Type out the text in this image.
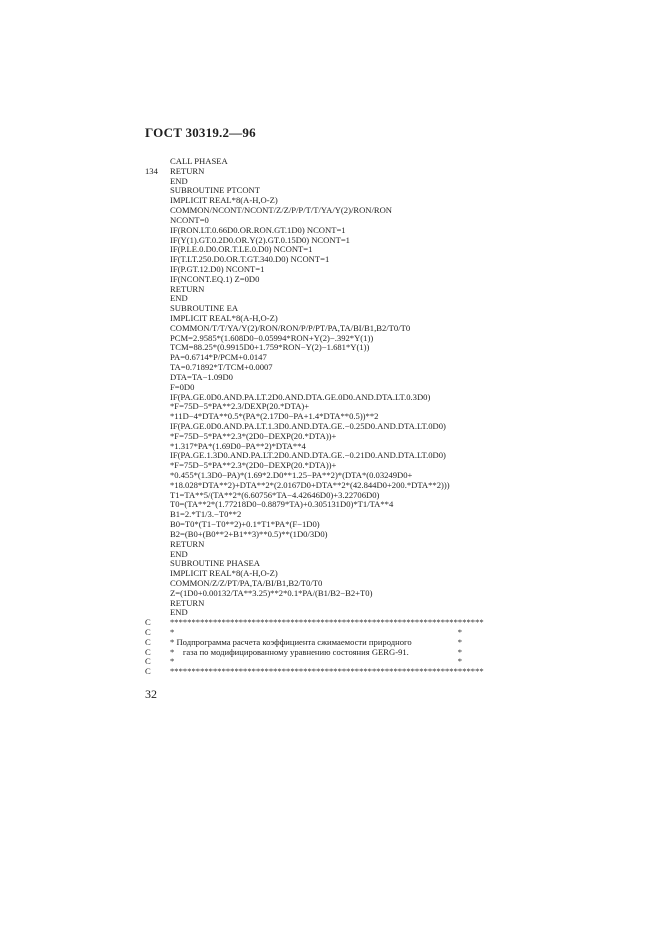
ГОСТ 30319.2—96
CALL PHASEA
134	RETURN
END
SUBROUTINE PTCONT
IMPLICIT REAL*8(A-H,O-Z)
COMMON/NCONT/NCONT/Z/Z/P/P/T/T/YA/Y(2)/RON/RON
NCONT=0
IF(RON.LT.0.66D0.OR.RON.GT.1D0) NCONT=1
IF(Y(1).GT.0.2D0.OR.Y(2).GT.0.15D0) NCONT=1
IF(P.LE.0.D0.OR.T.LE.0.D0) NCONT=1
IF(T.LT.250.D0.OR.T.GT.340.D0) NCONT=1
IF(P.GT.12.D0) NCONT=1
IF(NCONT.EQ.1) Z=0D0
RETURN
END
SUBROUTINE EA
IMPLICIT REAL*8(A-H,O-Z)
COMMON/T/T/YA/Y(2)/RON/RON/P/P/PT/PA,TA/BI/B1,B2/T0/T0
PCM=2.9585*(1.608D0−0.05994*RON+Y(2)−.392*Y(1))
TCM=88.25*(0.9915D0+1.759*RON−Y(2)−1.681*Y(1))
PA=0.6714*P/PCM+0.0147
TA=0.71892*T/TCM+0.0007
DTA=TA−1.09D0
F=0D0
IF(PA.GE.0D0.AND.PA.LT.2D0.AND.DTA.GE.0D0.AND.DTA.LT.0.3D0)
*F=75D−5*PA**2.3/DEXP(20.*DTA)+
*11D−4*DTA**0.5*(PA*(2.17D0−PA+1.4*DTA**0.5))**2
IF(PA.GE.0D0.AND.PA.LT.1.3D0.AND.DTA.GE.−0.25D0.AND.DTA.LT.0D0)
*F=75D−5*PA**2.3*(2D0−DEXP(20.*DTA))+
*1.317*PA*(1.69D0−PA**2)*DTA**4
IF(PA.GE.1.3D0.AND.PA.LT.2D0.AND.DTA.GE.−0.21D0.AND.DTA.LT.0D0)
*F=75D−5*PA**2.3*(2D0−DEXP(20.*DTA))+
*0.455*(1.3D0−PA)*(1.69*2.D0**1.25−PA**2)*(DTA*(0.03249D0+
*18.028*DTA**2)+DTA**2*(2.0167D0+DTA**2*(42.844D0+200.*DTA**2)))
T1=TA**5/(TA**2*(6.60756*TA−4.42646D0)+3.22706D0)
T0=(TA**2*(1.77218D0−0.8879*TA)+0.305131D0)*T1/TA**4
B1=2.*T1/3.−T0**2
B0=T0*(T1−T0**2)+0.1*T1*PA*(F−1D0)
B2=(B0+(B0**2+B1**3)**0.5)**(1D0/3D0)
RETURN
END
SUBROUTINE PHASEA
IMPLICIT REAL*8(A-H,O-Z)
COMMON/Z/Z/PT/PA,TA/BI/B1,B2/T0/T0
Z=(1D0+0.00132/TA**3.25)**2*0.1*PA/(B1/B2−B2+T0)
RETURN
END
C	*************************************************************************
C	*	*
C	* Подпрограмма расчета коэффициента сжимаемости природного	*
C	*    газа по модифицированному уравнению состояния GERG-91.	*
C	*	*
C	*************************************************************************
32
